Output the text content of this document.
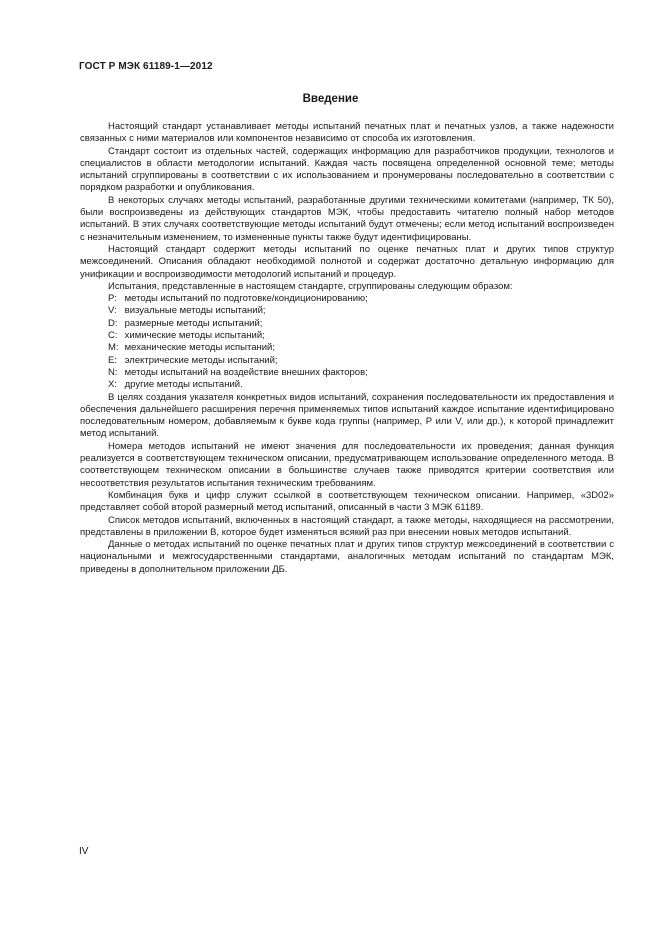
ГОСТ Р МЭК 61189-1—2012
Введение

Настоящий стандарт устанавливает методы испытаний печатных плат и печатных узлов, а также надежности связанных с ними материалов или компонентов независимо от способа их изготовления.

Стандарт состоит из отдельных частей, содержащих информацию для разработчиков продукции, технологов и специалистов в области методологии испытаний. Каждая часть посвящена определенной основной теме; методы испытаний сгруппированы в соответствии с их использованием и пронумерованы последовательно в соответствии с порядком разработки и опубликования.

В некоторых случаях методы испытаний, разработанные другими техническими комитетами (например, ТК 50), были воспроизведены из действующих стандартов МЭК, чтобы предоставить читателю полный набор методов испытаний. В этих случаях соответствующие методы испытаний будут отмечены; если метод испытаний воспроизведен с незначительным изменением, то измененные пункты также будут идентифицированы.

Настоящий стандарт содержит методы испытаний по оценке печатных плат и других типов структур межсоединений. Описания обладают необходимой полнотой и содержат достаточно детальную информацию для унификации и воспроизводимости методологий испытаний и процедур.

Испытания, представленные в настоящем стандарте, сгруппированы следующим образом:

Р: методы испытаний по подготовке/кондиционированию;
V: визуальные методы испытаний;
D: размерные методы испытаний;
С: химические методы испытаний;
М: механические методы испытаний;
Е: электрические методы испытаний;
N: методы испытаний на воздействие внешних факторов;
Х: другие методы испытаний.

В целях создания указателя конкретных видов испытаний, сохранения последовательности их предоставления и обеспечения дальнейшего расширения перечня применяемых типов испытаний каждое испытание идентифицировано последовательным номером, добавляемым к букве кода группы (например, Р или V, или др.), к которой принадлежит метод испытаний.

Номера методов испытаний не имеют значения для последовательности их проведения; данная функция реализуется в соответствующем техническом описании, предусматривающем использование определенного метода. В соответствующем техническом описании в большинстве случаев также приводятся критерии соответствия или несоответствия результатов испытания техническим требованиям.

Комбинация букв и цифр служит ссылкой в соответствующем техническом описании. Например, «3D02» представляет собой второй размерный метод испытаний, описанный в части 3 МЭК 61189.

Список методов испытаний, включенных в настоящий стандарт, а также методы, находящиеся на рассмотрении, представлены в приложении В, которое будет изменяться всякий раз при внесении новых методов испытаний.

Данные о методах испытаний по оценке печатных плат и других типов структур межсоединений в соответствии с национальными и межгосударственными стандартами, аналогичных методам испытаний по стандартам МЭК, приведены в дополнительном приложении ДБ.

IV
